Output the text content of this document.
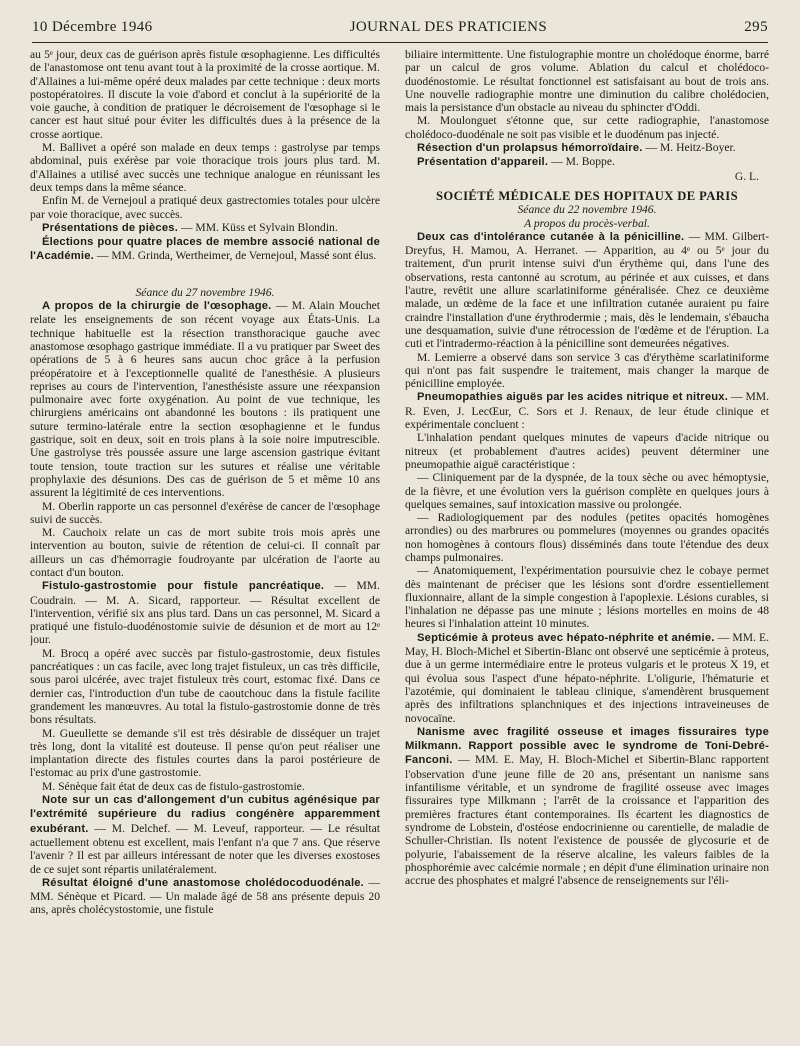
10 Décembre 1946	JOURNAL DES PRATICIENS	295

au 5ᵉ jour, deux cas de guérison après fistule œsophagienne. Les difficultés de l'anastomose ont tenu avant tout à la proximité de la crosse aortique. M. d'Allaines a lui-même opéré deux malades par cette technique : deux morts postopératoires. Il discute la voie d'abord et conclut à la supériorité de la voie gauche, à condition de pratiquer le décroisement de l'œsophage si le cancer est haut situé pour éviter les difficultés dues à la présence de la crosse aortique.

M. Ballivet a opéré son malade en deux temps : gastrolyse par temps abdominal, puis exérèse par voie thoracique trois jours plus tard. M. d'Allaines a utilisé avec succès une technique analogue en réunissant les deux temps dans la même séance.

Enfin M. de Vernejoul a pratiqué deux gastrectomies totales pour ulcère par voie thoracique, avec succès.

Présentations de pièces. — MM. Küss et Sylvain Blondin.

Élections pour quatre places de membre associé national de l'Académie. — MM. Grinda, Wertheimer, de Vernejoul, Massé sont élus.

Séance du 27 novembre 1946.

A propos de la chirurgie de l'œsophage. — M. Alain Mouchet relate les enseignements de son récent voyage aux États-Unis. La technique habituelle est la résection transthoracique gauche avec anastomose œsophago gastrique immédiate. Il a vu pratiquer par Sweet des opérations de 5 à 6 heures sans aucun choc grâce à la perfusion préopératoire et à l'exceptionnelle qualité de l'anesthésie. A plusieurs reprises au cours de l'intervention, l'anesthésiste assure une réexpansion pulmonaire avec forte oxygénation. Au point de vue technique, les chirurgiens américains ont abandonné les boutons : ils pratiquent une suture termino-latérale entre la section œsophagienne et le fundus gastrique, soit en deux, soit en trois plans à la soie noire imputrescible. Une gastrolyse très poussée assure une large ascension gastrique évitant toute tension, toute traction sur les sutures et réalise une véritable prophylaxie des désunions. Des cas de guérison de 5 et même 10 ans assurent la légitimité de ces interventions.

M. Oberlin rapporte un cas personnel d'exérèse de cancer de l'œsophage suivi de succès.

M. Cauchoix relate un cas de mort subite trois mois après une intervention au bouton, suivie de rétention de celui-ci. Il connaît par ailleurs un cas d'hémorragie foudroyante par ulcération de l'aorte au contact d'un bouton.

Fistulo-gastrostomie pour fistule pancréatique. — MM. Coudrain. — M. A. Sicard, rapporteur. — Résultat excellent de l'intervention, vérifié six ans plus tard. Dans un cas personnel, M. Sicard a pratiqué une fistulo-duodénostomie suivie de désunion et de mort au 12ᵉ jour.

M. Brocq a opéré avec succès par fistulo-gastrostomie, deux fistules pancréatiques : un cas facile, avec long trajet fistuleux, un cas très difficile, sous paroi ulcérée, avec trajet fistuleux très court, estomac fixé. Dans ce dernier cas, l'introduction d'un tube de caoutchouc dans la fistule facilite grandement les manœuvres. Au total la fistulo-gastrostomie donne de très bons résultats.

M. Gueullette se demande s'il est très désirable de disséquer un trajet très long, dont la vitalité est douteuse. Il pense qu'on peut réaliser une implantation directe des fistules courtes dans la paroi postérieure de l'estomac au prix d'une gastrostomie.

M. Sénèque fait état de deux cas de fistulo-gastrostomie.

Note sur un cas d'allongement d'un cubitus agénésique par l'extrémité supérieure du radius congénère apparemment exubérant. — M. Delchef. — M. Leveuf, rapporteur. — Le résultat actuellement obtenu est excellent, mais l'enfant n'a que 7 ans. Que réserve l'avenir ? Il est par ailleurs intéressant de noter que les diverses exostoses de ce sujet sont répartis unilatéralement.

Résultat éloigné d'une anastomose cholédocoduodénale. — MM. Sénèque et Picard. — Un malade âgé de 58 ans présente depuis 20 ans, après cholécystostomie, une fistule

biliaire intermittente. Une fistulographie montre un cholédoque énorme, barré par un calcul de gros volume. Ablation du calcul et cholédoco-duodénostomie. Le résultat fonctionnel est satisfaisant au bout de trois ans. Une nouvelle radiographie montre une diminution du calibre cholédocien, mais la persistance d'un obstacle au niveau du sphincter d'Oddi.

M. Moulonguet s'étonne que, sur cette radiographie, l'anastomose cholédoco-duodénale ne soit pas visible et le duodénum pas injecté.

Résection d'un prolapsus hémorroïdaire. — M. Heitz-Boyer.

Présentation d'appareil. — M. Boppe.

G. L.

SOCIÉTÉ MÉDICALE DES HOPITAUX DE PARIS

Séance du 22 novembre 1946.

A propos du procès-verbal.

Deux cas d'intolérance cutanée à la pénicilline. — MM. Gilbert-Dreyfus, H. Mamou, A. Herranet. — Apparition, au 4ᵉ ou 5ᵉ jour du traitement, d'un prurit intense suivi d'un érythème qui, dans l'une des observations, resta cantonné au scrotum, au périnée et aux cuisses, et dans l'autre, revêtit une allure scarlatiniforme généralisée. Chez ce deuxième malade, un œdème de la face et une infiltration cutanée auraient pu faire craindre l'installation d'une érythrodermie ; mais, dès le lendemain, s'ébaucha une desquamation, suivie d'une rétrocession de l'œdème et de l'éruption. La cuti et l'intradermo-réaction à la pénicilline sont demeurées négatives.

M. Lemierre a observé dans son service 3 cas d'érythème scarlatiniforme qui n'ont pas fait suspendre le traitement, mais changer la marque de pénicilline employée.

Pneumopathies aiguës par les acides nitrique et nitreux. — MM. R. Even, J. LecŒur, C. Sors et J. Renaux, de leur étude clinique et expérimentale concluent :

L'inhalation pendant quelques minutes de vapeurs d'acide nitrique ou nitreux (et probablement d'autres acides) peuvent déterminer une pneumopathie aiguë caractéristique :

— Cliniquement par de la dyspnée, de la toux sèche ou avec hémoptysie, de la fièvre, et une évolution vers la guérison complète en quelques jours à quelques semaines, sauf intoxication massive ou prolongée.

— Radiologiquement par des nodules (petites opacités homogènes arrondies) ou des marbrures ou pommelures (moyennes ou grandes opacités non homogènes à contours flous) disséminés dans toute l'étendue des deux champs pulmonaires.

— Anatomiquement, l'expérimentation poursuivie chez le cobaye permet dès maintenant de préciser que les lésions sont d'ordre essentiellement fluxionnaire, allant de la simple congestion à l'apoplexie. Lésions curables, si l'inhalation ne dépasse pas une minute ; lésions mortelles en moins de 48 heures si l'inhalation atteint 10 minutes.

Septicémie à proteus avec hépato-néphrite et anémie. — MM. E. May, H. Bloch-Michel et Sibertin-Blanc ont observé une septicémie à proteus, due à un germe intermédiaire entre le proteus vulgaris et le proteus X 19, et qui évolua sous l'aspect d'une hépato-néphrite. L'oligurie, l'hématurie et l'azotémie, qui dominaient le tableau clinique, s'amendèrent brusquement après des infiltrations splanchniques et des injections intraveineuses de novocaïne.

Nanisme avec fragilité osseuse et images fissuraires type Milkmann. Rapport possible avec le syndrome de Toni-Debré-Fanconi. — MM. E. May, H. Bloch-Michel et Sibertin-Blanc rapportent l'observation d'une jeune fille de 20 ans, présentant un nanisme sans infantilisme véritable, et un syndrome de fragilité osseuse avec images fissuraires type Milkmann ; l'arrêt de la croissance et l'apparition des premières fractures étant contemporaines. Ils écartent les diagnostics de syndrome de Lobstein, d'ostéose endocrinienne ou carentielle, de maladie de Schuller-Christian. Ils notent l'existence de poussée de glycosurie et de polyurie, l'abaissement de la réserve alcaline, les valeurs faibles de la phosphorémie avec calcémie normale ; en dépit d'une élimination urinaire non accrue des phosphates et malgré l'absence de renseignements sur l'éli-
